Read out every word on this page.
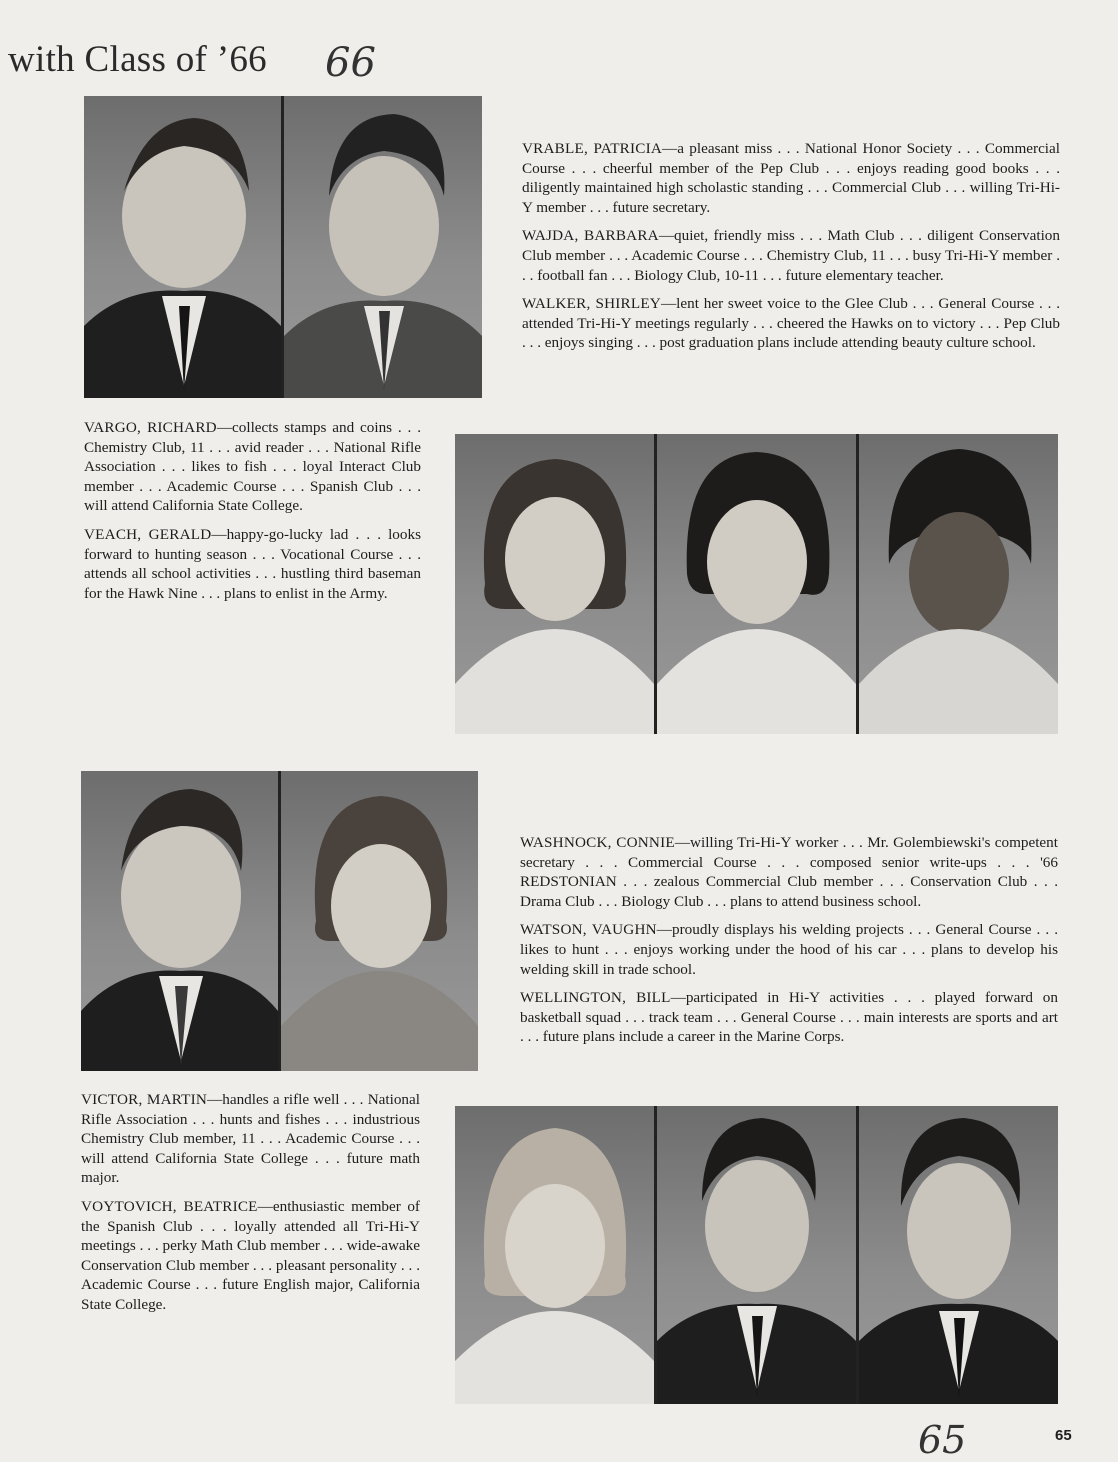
with Class of ’66 66

VARGO, RICHARD—collects stamps and coins . . . Chemistry Club, 11 . . . avid reader . . . National Rifle Association . . . likes to fish . . . loyal Interact Club member . . . Academic Course . . . Spanish Club . . . will attend California State College.

VEACH, GERALD—happy-go-lucky lad . . . looks forward to hunting season . . . Vocational Course . . . attends all school activities . . . hustling third baseman for the Hawk Nine . . . plans to enlist in the Army.

VRABLE, PATRICIA—a pleasant miss . . . National Honor Society . . . Commercial Course . . . cheerful member of the Pep Club . . . enjoys reading good books . . . diligently maintained high scholastic standing . . . Commercial Club . . . willing Tri-Hi-Y member . . . future secretary.

WAJDA, BARBARA—quiet, friendly miss . . . Math Club . . . diligent Conservation Club member . . . Academic Course . . . Chemistry Club, 11 . . . busy Tri-Hi-Y member . . . football fan . . . Biology Club, 10-11 . . . future elementary teacher.

WALKER, SHIRLEY—lent her sweet voice to the Glee Club . . . General Course . . . attended Tri-Hi-Y meetings regularly . . . cheered the Hawks on to victory . . . Pep Club . . . enjoys singing . . . post graduation plans include attending beauty culture school.

WASHNOCK, CONNIE—willing Tri-Hi-Y worker . . . Mr. Golembiewski's competent secretary . . . Commercial Course . . . composed senior write-ups . . . '66 REDSTONIAN . . . zealous Commercial Club member . . . Conservation Club . . . Drama Club . . . Biology Club . . . plans to attend business school.

WATSON, VAUGHN—proudly displays his welding projects . . . General Course . . . likes to hunt . . . enjoys working under the hood of his car . . . plans to develop his welding skill in trade school.

WELLINGTON, BILL—participated in Hi-Y activities . . . played forward on basketball squad . . . track team . . . General Course . . . main interests are sports and art . . . future plans include a career in the Marine Corps.

VICTOR, MARTIN—handles a rifle well . . . National Rifle Association . . . hunts and fishes . . . industrious Chemistry Club member, 11 . . . Academic Course . . . will attend California State College . . . future math major.

VOYTOVICH, BEATRICE—enthusiastic member of the Spanish Club . . . loyally attended all Tri-Hi-Y meetings . . . perky Math Club member . . . wide-awake Conservation Club member . . . pleasant personality . . . Academic Course . . . future English major, California State College.

65	65
